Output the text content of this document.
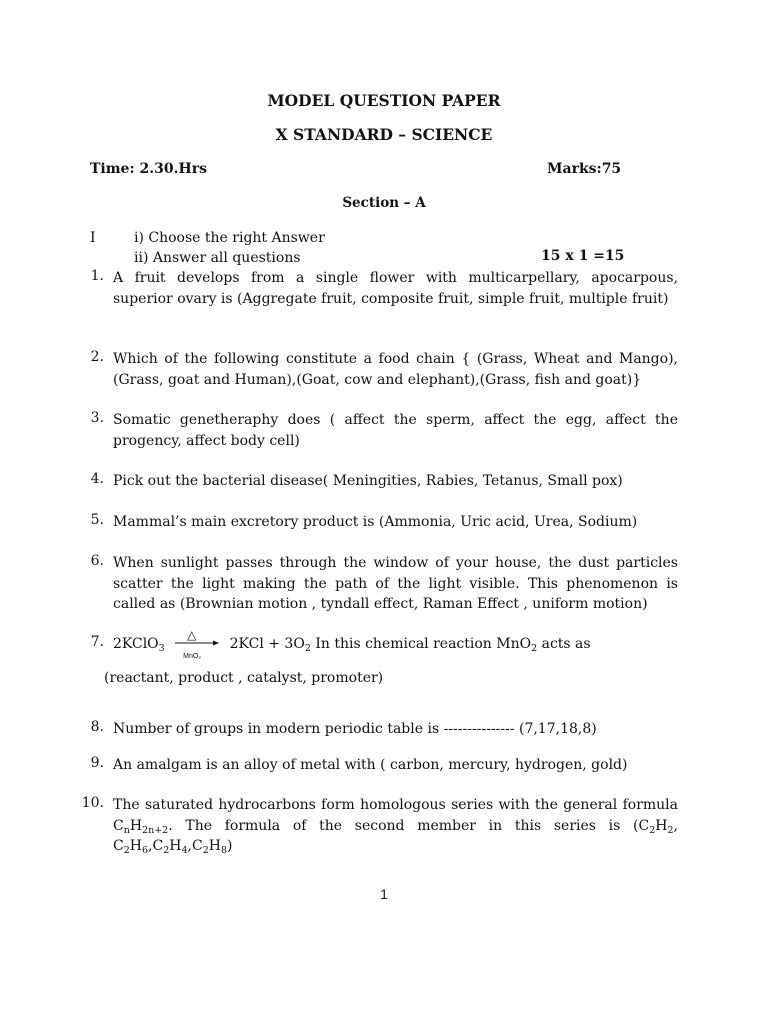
MODEL QUESTION PAPER
X STANDARD – SCIENCE
Time: 2.30.Hrs	Marks:75
Section – A
I	i) Choose the right Answer
ii) Answer all questions	15 x 1 =15
1. A fruit develops from a single flower with multicarpellary, apocarpous, superior ovary is (Aggregate fruit, composite fruit, simple fruit, multiple fruit)
2. Which of the following constitute a food chain { (Grass, Wheat and Mango), (Grass, goat and Human),(Goat, cow and elephant),(Grass, fish and goat)}
3. Somatic genetheraphy does ( affect the sperm, affect the egg, affect the progency, affect body cell)
4. Pick out the bacterial disease( Meningities, Rabies, Tetanus, Small pox)
5. Mammal’s main excretory product is (Ammonia, Uric acid, Urea, Sodium)
6. When sunlight passes through the window of your house, the dust particles scatter the light making the path of the light visible. This phenomenon is called as (Brownian motion , tyndall effect, Raman Effect , uniform motion)
7. 2KClO$_3$
△
MnO₂
$2KCl + 3O_2$ In this chemical reaction MnO$_2$ acts as
(reactant, product , catalyst, promoter)
8. Number of groups in modern periodic table is --------------- (7,17,18,8)
9. An amalgam is an alloy of metal with ( carbon, mercury, hydrogen, gold)
10. The saturated hydrocarbons form homologous series with the general formula $C_nH_{2n+2}$. The formula of the second member in this series is ($C_2H_2$, $C_2H_6,C_2H_4,C_2H_8$)
1
